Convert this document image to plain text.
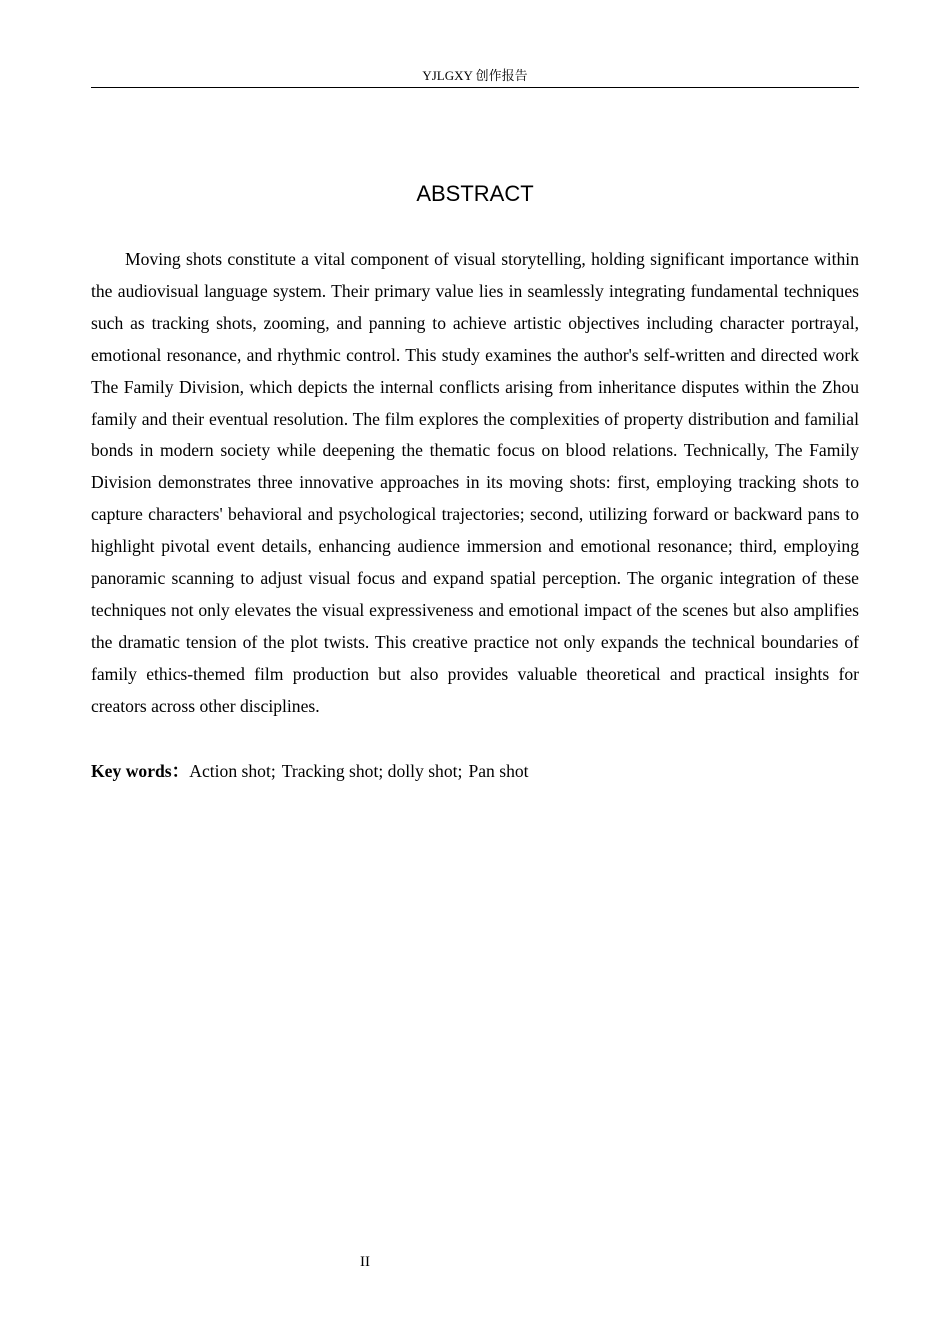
YJLGXY 创作报告
ABSTRACT

Moving shots constitute a vital component of visual storytelling, holding significant importance within the audiovisual language system. Their primary value lies in seamlessly integrating fundamental techniques such as tracking shots, zooming, and panning to achieve artistic objectives including character portrayal, emotional resonance, and rhythmic control. This study examines the author's self-written and directed work The Family Division, which depicts the internal conflicts arising from inheritance disputes within the Zhou family and their eventual resolution. The film explores the complexities of property distribution and familial bonds in modern society while deepening the thematic focus on blood relations. Technically, The Family Division demonstrates three innovative approaches in its moving shots: first, employing tracking shots to capture characters' behavioral and psychological trajectories; second, utilizing forward or backward pans to highlight pivotal event details, enhancing audience immersion and emotional resonance; third, employing panoramic scanning to adjust visual focus and expand spatial perception. The organic integration of these techniques not only elevates the visual expressiveness and emotional impact of the scenes but also amplifies the dramatic tension of the plot twists. This creative practice not only expands the technical boundaries of family ethics-themed film production but also provides valuable theoretical and practical insights for creators across other disciplines.

Key words：Action shot; Tracking shot; dolly shot; Pan shot
II
